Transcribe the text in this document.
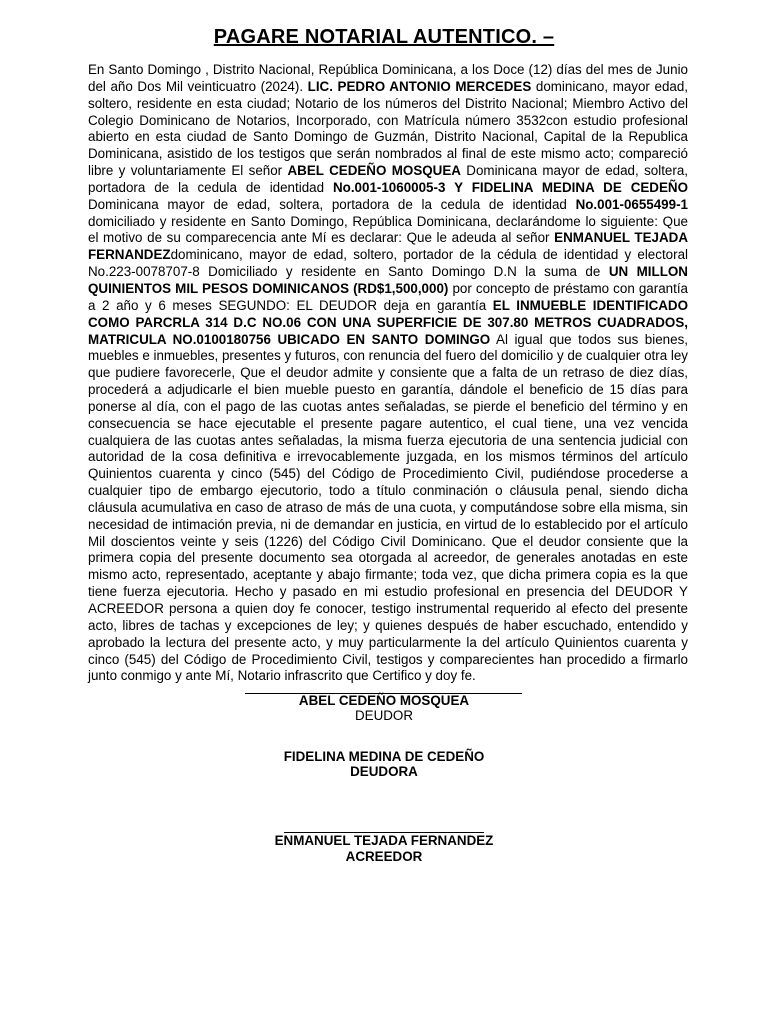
PAGARE NOTARIAL AUTENTICO. –
En Santo Domingo , Distrito Nacional, República Dominicana, a los Doce (12) días del mes de Junio del año Dos Mil veinticuatro (2024). LIC. PEDRO ANTONIO MERCEDES dominicano, mayor edad, soltero, residente en esta ciudad; Notario de los números del Distrito Nacional; Miembro Activo del Colegio Dominicano de Notarios, Incorporado, con Matrícula número 3532con estudio profesional abierto en esta ciudad de Santo Domingo de Guzmán, Distrito Nacional, Capital de la Republica Dominicana, asistido de los testigos que serán nombrados al final de este mismo acto; compareció libre y voluntariamente El señor ABEL CEDEÑO MOSQUEA Dominicana mayor de edad, soltera, portadora de la cedula de identidad No.001-1060005-3 Y FIDELINA MEDINA DE CEDEÑO Dominicana mayor de edad, soltera, portadora de la cedula de identidad No.001-0655499-1 domiciliado y residente en Santo Domingo, República Dominicana, declarándome lo siguiente: Que el motivo de su comparecencia ante Mí es declarar: Que le adeuda al señor ENMANUEL TEJADA FERNANDEZdominicano, mayor de edad, soltero, portador de la cédula de identidad y electoral No.223-0078707-8 Domiciliado y residente en Santo Domingo D.N la suma de UN MILLON QUINIENTOS MIL PESOS DOMINICANOS (RD$1,500,000) por concepto de préstamo con garantía a 2 año y 6 meses SEGUNDO: EL DEUDOR deja en garantía EL INMUEBLE IDENTIFICADO COMO PARCRLA 314 D.C NO.06 CON UNA SUPERFICIE DE 307.80 METROS CUADRADOS, MATRICULA NO.0100180756 UBICADO EN SANTO DOMINGO Al igual que todos sus bienes, muebles e inmuebles, presentes y futuros, con renuncia del fuero del domicilio y de cualquier otra ley que pudiere favorecerle, Que el deudor admite y consiente que a falta de un retraso de diez días, procederá a adjudicarle el bien mueble puesto en garantía, dándole el beneficio de 15 días para ponerse al día, con el pago de las cuotas antes señaladas, se pierde el beneficio del término y en consecuencia se hace ejecutable el presente pagare autentico, el cual tiene, una vez vencida cualquiera de las cuotas antes señaladas, la misma fuerza ejecutoria de una sentencia judicial con autoridad de la cosa definitiva e irrevocablemente juzgada, en los mismos términos del artículo Quinientos cuarenta y cinco (545) del Código de Procedimiento Civil, pudiéndose procederse a cualquier tipo de embargo ejecutorio, todo a título conminación o cláusula penal, siendo dicha cláusula acumulativa en caso de atraso de más de una cuota, y computándose sobre ella misma, sin necesidad de intimación previa, ni de demandar en justicia, en virtud de lo establecido por el artículo Mil doscientos veinte y seis (1226) del Código Civil Dominicano. Que el deudor consiente que la primera copia del presente documento sea otorgada al acreedor, de generales anotadas en este mismo acto, representado, aceptante y abajo firmante; toda vez, que dicha primera copia es la que tiene fuerza ejecutoria. Hecho y pasado en mi estudio profesional en presencia del DEUDOR Y ACREEDOR persona a quien doy fe conocer, testigo instrumental requerido al efecto del presente acto, libres de tachas y excepciones de ley; y quienes después de haber escuchado, entendido y aprobado la lectura del presente acto, y muy particularmente la del artículo Quinientos cuarenta y cinco (545) del Código de Procedimiento Civil, testigos y comparecientes han procedido a firmarlo junto conmigo y ante Mí, Notario infrascrito que Certifico y doy fe.
ABEL CEDEÑO MOSQUEA
DEUDOR
FIDELINA MEDINA DE CEDEÑO
DEUDORA
ENMANUEL TEJADA FERNANDEZ
ACREEDOR
